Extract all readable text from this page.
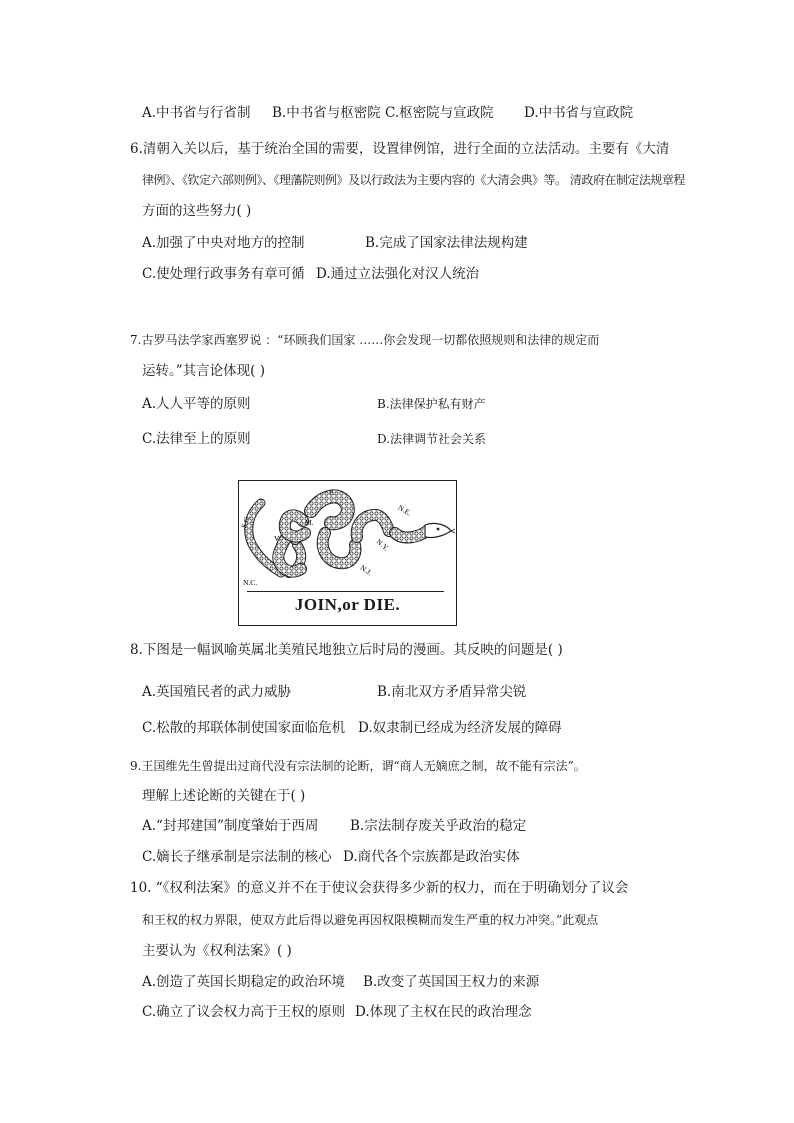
A.中书省与行省制 B.中书省与枢密院 C.枢密院与宣政院 D.中书省与宣政院
6.清朝入关以后，基于统治全国的需要，设置律例馆，进行全面的立法活动。主要有《大清
律例》、《钦定六部则例》、《理藩院则例》及以行政法为主要内容的《大清会典》等。 清政府在制定法规章程
方面的这些努力( )
A.加强了中央对地方的控制	B.完成了国家法律法规构建
C.使处理行政事务有章可循 D.通过立法强化对汉人统治
7.古罗马法学家西塞罗说 ：“环顾我们国家 ……你会发现一切都依照规则和法律的规定而
运转。”其言论体现( )
A.人人平等的原则	B.法律保护私有财产
C.法律至上的原则	D.法律调节社会关系
S.C.
N.C.
V.
M.
P.
N.J.
N.Y.
N.E.
JOIN,or DIE.
8.下图是一幅讽喻英属北美殖民地独立后时局的漫画。其反映的问题是( )
A.英国殖民者的武力威胁	B.南北双方矛盾异常尖锐
C.松散的邦联体制使国家面临危机 D.奴隶制已经成为经济发展的障碍
9.王国维先生曾提出过商代没有宗法制的论断，谓“商人无嫡庶之制，故不能有宗法”。
理解上述论断的关键在于( )
A.“封邦建国”制度肇始于西周 B.宗法制存废关乎政治的稳定
C.嫡长子继承制是宗法制的核心 D.商代各个宗族都是政治实体
10. “《权利法案》的意义并不在于使议会获得多少新的权力，而在于明确划分了议会
和王权的权力界限，使双方此后得以避免再因权限模糊而发生严重的权力冲突。”此观点
主要认为《权利法案》( )
A.创造了英国长期稳定的政治环境 B.改变了英国国王权力的来源
C.确立了议会权力高于王权的原则 D.体现了主权在民的政治理念
